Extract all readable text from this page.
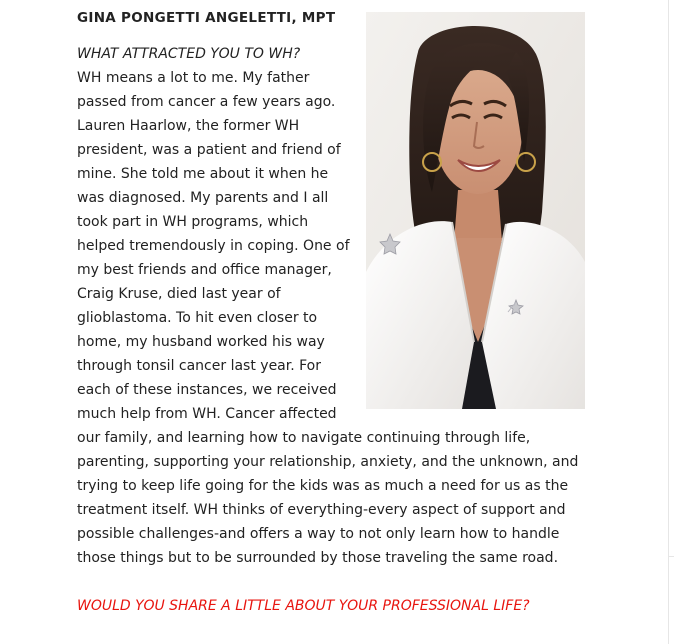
GINA PONGETTI ANGELETTI, MPT

WHAT ATTRACTED YOU TO WH?

WH means a lot to me. My father passed from cancer a few years ago. Lauren Haarlow, the former WH president, was a patient and friend of mine. She told me about it when he was diagnosed. My parents and I all took part in WH programs, which helped tremendously in coping. One of my best friends and office manager, Craig Kruse, died last year of glioblastoma. To hit even closer to home, my husband worked his way through tonsil cancer last year. For each of these instances, we received much help from WH. Cancer affected our family, and learning how to navigate continuing through life, parenting, supporting your relationship, anxiety, and the unknown, and trying to keep life going for the kids was as much a need for us as the treatment itself. WH thinks of everything-every aspect of support and possible challenges-and offers a way to not only learn how to handle those things but to be surrounded by those traveling the same road.

WOULD YOU SHARE A LITTLE ABOUT YOUR PROFESSIONAL LIFE?
